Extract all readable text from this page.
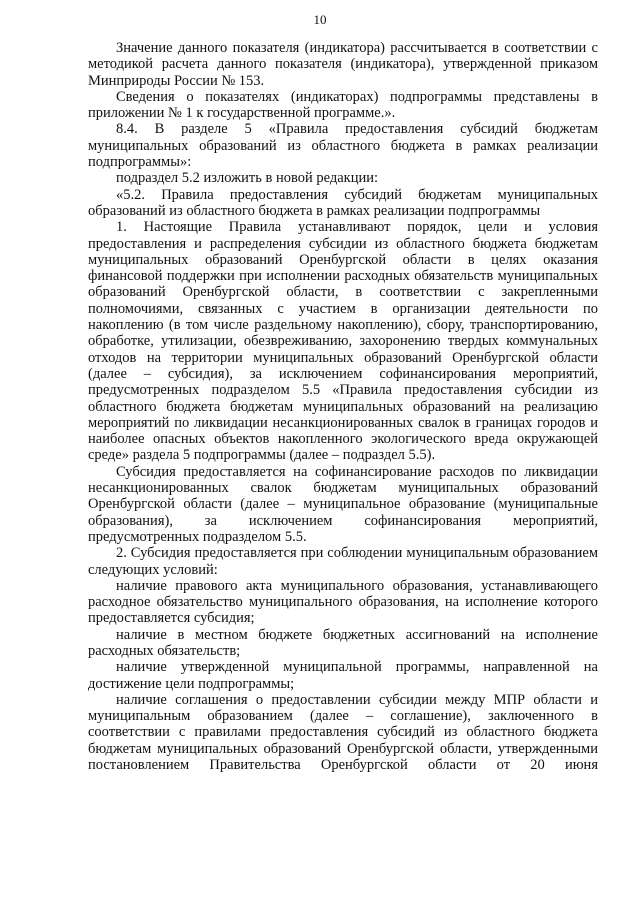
10

Значение данного показателя (индикатора) рассчитывается в соответствии с методикой расчета данного показателя (индикатора), утвержденной приказом Минприроды России № 153.

Сведения о показателях (индикаторах) подпрограммы представлены в приложении № 1 к государственной программе.».

8.4. В разделе 5 «Правила предоставления субсидий бюджетам муниципальных образований из областного бюджета в рамках реализации подпрограммы»:

подраздел 5.2 изложить в новой редакции:

«5.2. Правила предоставления субсидий бюджетам муниципальных образований из областного бюджета в рамках реализации подпрограммы

1. Настоящие Правила устанавливают порядок, цели и условия предоставления и распределения субсидии из областного бюджета бюджетам муниципальных образований Оренбургской области в целях оказания финансовой поддержки при исполнении расходных обязательств муниципальных образований Оренбургской области, в соответствии с закрепленными полномочиями, связанных с участием в организации деятельности по накоплению (в том числе раздельному накоплению), сбору, транспортированию, обработке, утилизации, обезвреживанию, захоронению твердых коммунальных отходов на территории муниципальных образований Оренбургской области (далее – субсидия), за исключением софинансирования мероприятий, предусмотренных подразделом 5.5 «Правила предоставления субсидии из областного бюджета бюджетам муниципальных образований на реализацию мероприятий по ликвидации несанкционированных свалок в границах городов и наиболее опасных объектов накопленного экологического вреда окружающей среде» раздела 5 подпрограммы (далее – подраздел 5.5).

Субсидия предоставляется на софинансирование расходов по ликвидации несанкционированных свалок бюджетам муниципальных образований Оренбургской области (далее – муниципальное образование (муниципальные образования), за исключением софинансирования мероприятий, предусмотренных подразделом 5.5.

2. Субсидия предоставляется при соблюдении муниципальным образованием следующих условий:

наличие правового акта муниципального образования, устанавливающего расходное обязательство муниципального образования, на исполнение которого предоставляется субсидия;

наличие в местном бюджете бюджетных ассигнований на исполнение расходных обязательств;

наличие утвержденной муниципальной программы, направленной на достижение цели подпрограммы;

наличие соглашения о предоставлении субсидии между МПР области и муниципальным образованием (далее – соглашение), заключенного в соответствии с правилами предоставления субсидий из областного бюджета бюджетам муниципальных образований Оренбургской области, утвержденными постановлением Правительства Оренбургской области от 20 июня
